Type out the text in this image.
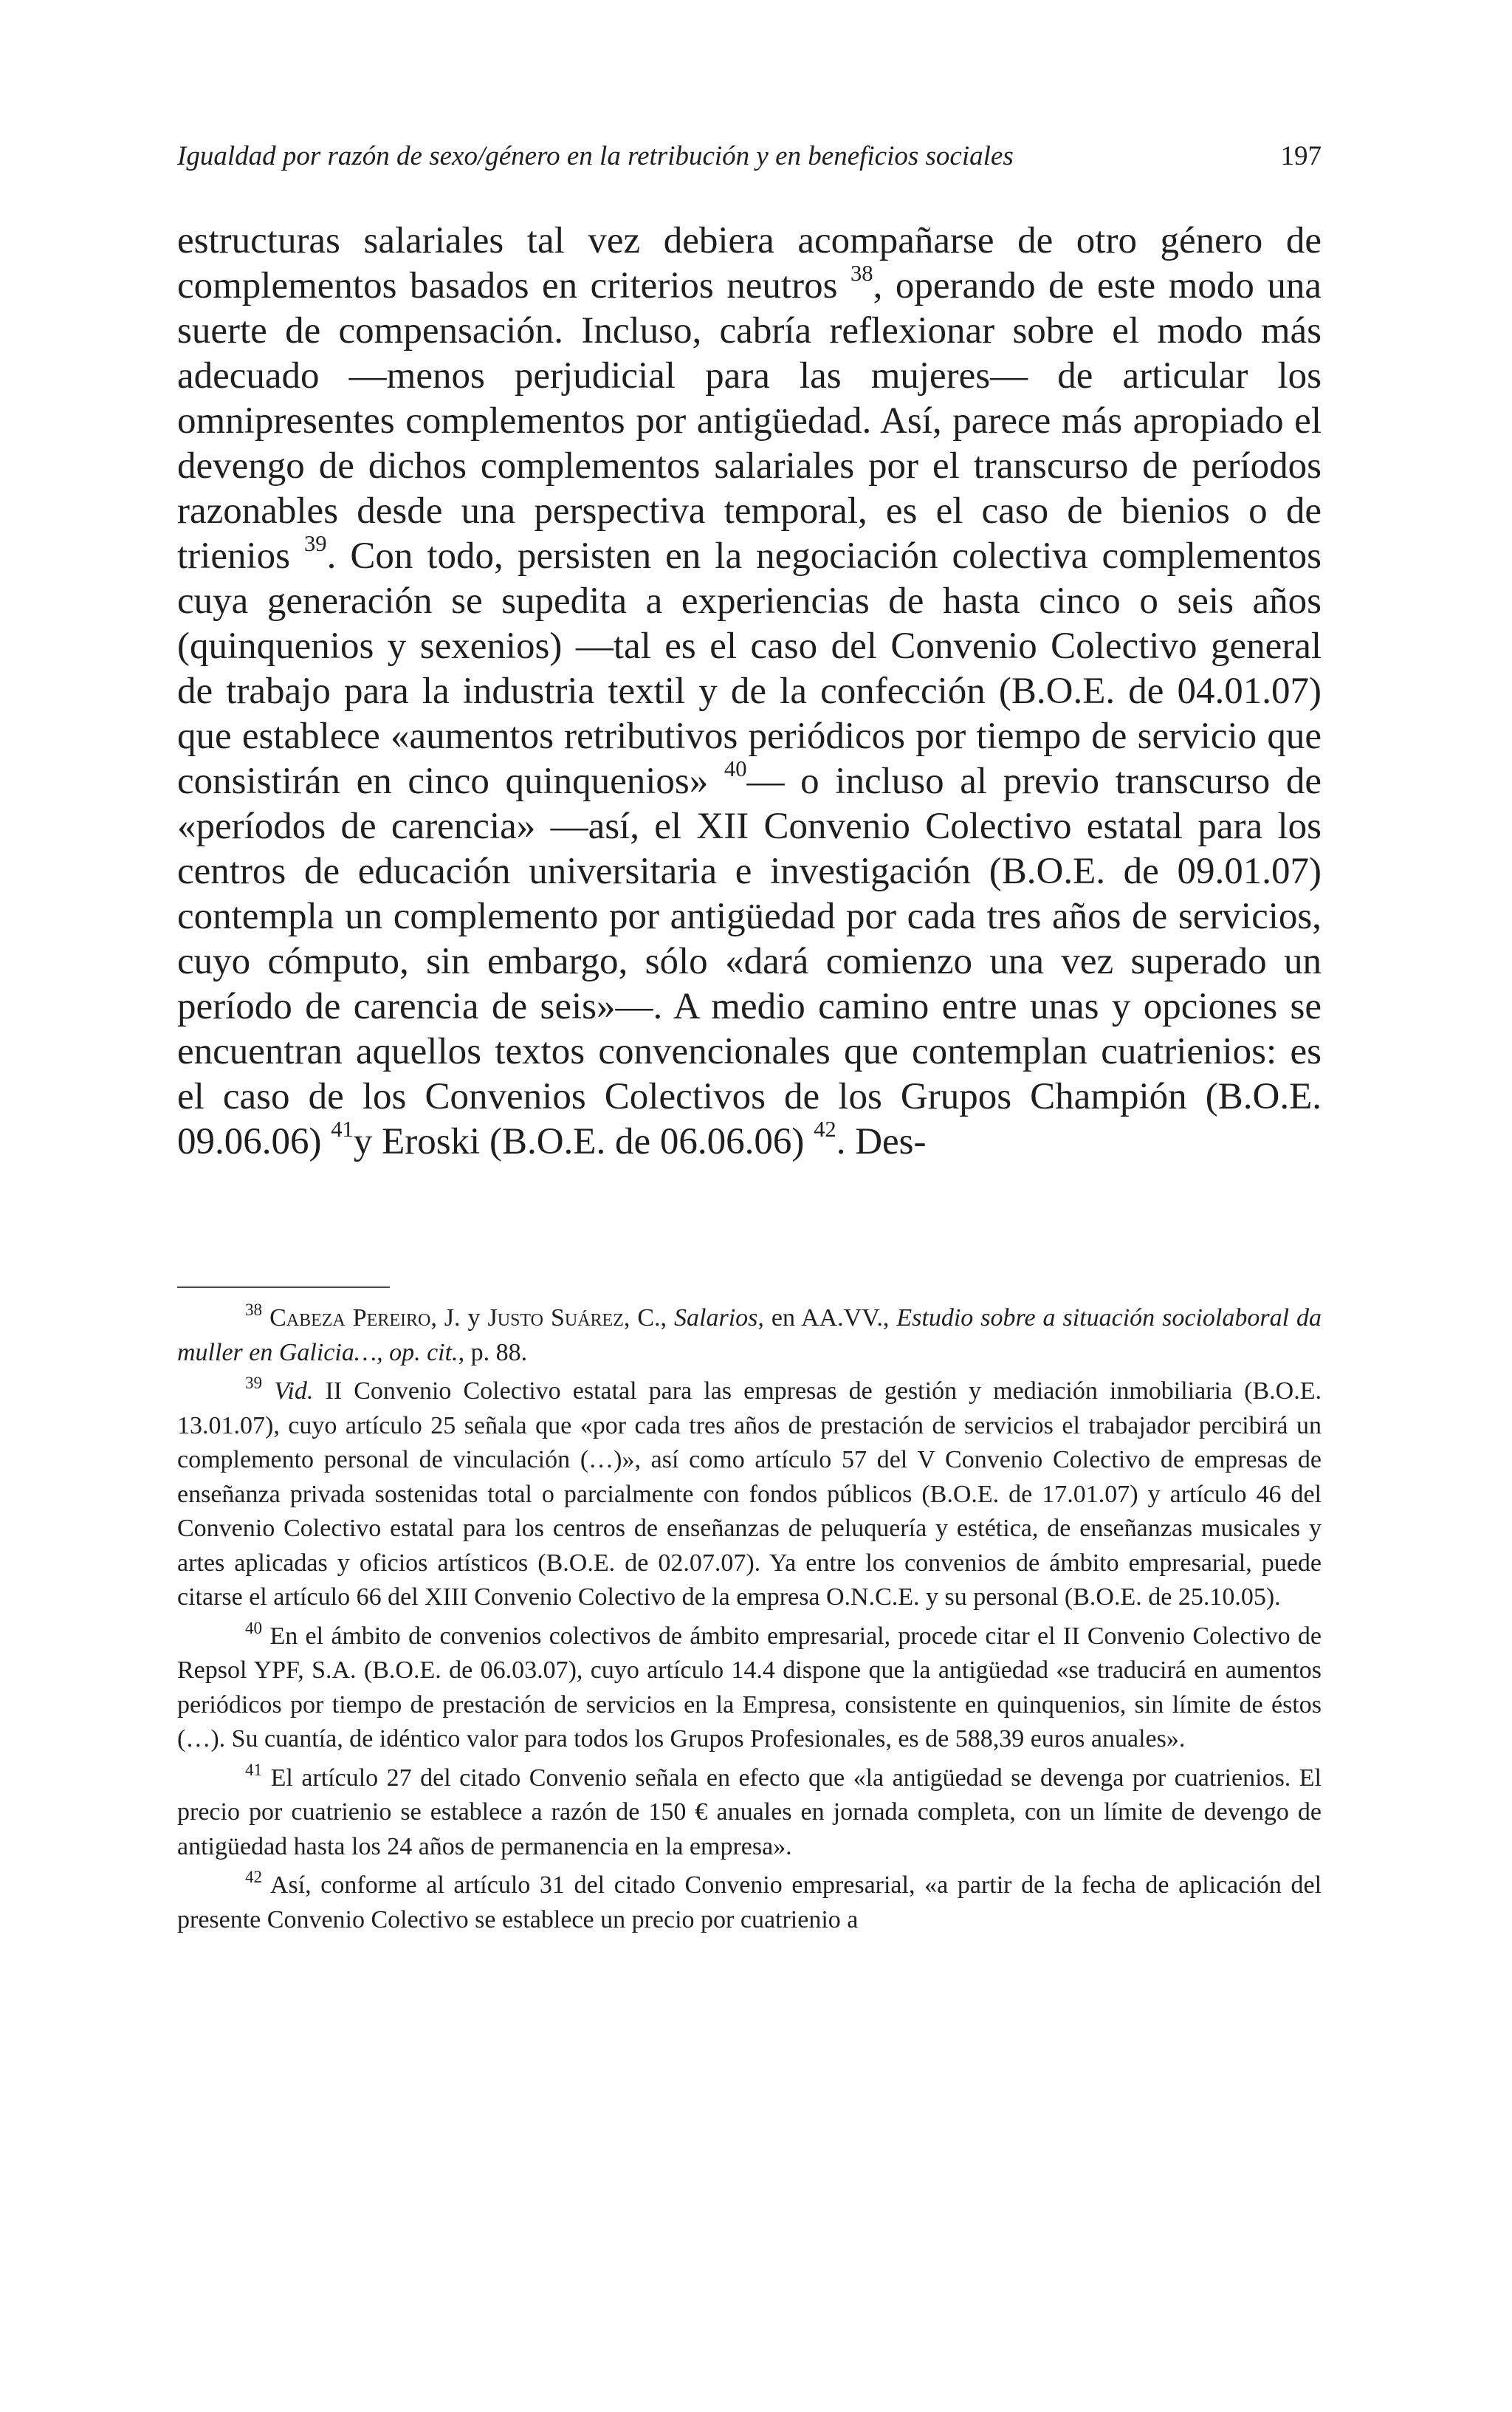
Igualdad por razón de sexo/género en la retribución y en beneficios sociales	197

estructuras salariales tal vez debiera acompañarse de otro género de complementos basados en criterios neutros $^{38}$, operando de este modo una suerte de compensación. Incluso, cabría reflexionar sobre el modo más adecuado —menos perjudicial para las mujeres— de articular los omnipresentes complementos por antigüedad. Así, parece más apropiado el devengo de dichos complementos salariales por el transcurso de períodos razonables desde una perspectiva temporal, es el caso de bienios o de trienios $^{39}$. Con todo, persisten en la negociación colectiva complementos cuya generación se supedita a experiencias de hasta cinco o seis años (quinquenios y sexenios) —tal es el caso del Convenio Colectivo general de trabajo para la industria textil y de la confección (B.O.E. de 04.01.07) que establece «aumentos retributivos periódicos por tiempo de servicio que consistirán en cinco quinquenios» $^{40}$— o incluso al previo transcurso de «períodos de carencia» —así, el XII Convenio Colectivo estatal para los centros de educación universitaria e investigación (B.O.E. de 09.01.07) contempla un complemento por antigüedad por cada tres años de servicios, cuyo cómputo, sin embargo, sólo «dará comienzo una vez superado un período de carencia de seis»—. A medio camino entre unas y opciones se encuentran aquellos textos convencionales que contemplan cuatrienios: es el caso de los Convenios Colectivos de los Grupos Champión (B.O.E. 09.06.06) $^{41}$y Eroski (B.O.E. de 06.06.06) $^{42}$. Des-

$^{38}$ Cabeza Pereiro, J. y Justo Suárez, C., Salarios, en AA.VV., Estudio sobre a situación sociolaboral da muller en Galicia…, op. cit., p. 88.

$^{39}$ Vid. II Convenio Colectivo estatal para las empresas de gestión y mediación inmobiliaria (B.O.E. 13.01.07), cuyo artículo 25 señala que «por cada tres años de prestación de servicios el trabajador percibirá un complemento personal de vinculación (…)», así como artículo 57 del V Convenio Colectivo de empresas de enseñanza privada sostenidas total o parcialmente con fondos públicos (B.O.E. de 17.01.07) y artículo 46 del Convenio Colectivo estatal para los centros de enseñanzas de peluquería y estética, de enseñanzas musicales y artes aplicadas y oficios artísticos (B.O.E. de 02.07.07). Ya entre los convenios de ámbito empresarial, puede citarse el artículo 66 del XIII Convenio Colectivo de la empresa O.N.C.E. y su personal (B.O.E. de 25.10.05).

$^{40}$ En el ámbito de convenios colectivos de ámbito empresarial, procede citar el II Convenio Colectivo de Repsol YPF, S.A. (B.O.E. de 06.03.07), cuyo artículo 14.4 dispone que la antigüedad «se traducirá en aumentos periódicos por tiempo de prestación de servicios en la Empresa, consistente en quinquenios, sin límite de éstos (…). Su cuantía, de idéntico valor para todos los Grupos Profesionales, es de 588,39 euros anuales».

$^{41}$ El artículo 27 del citado Convenio señala en efecto que «la antigüedad se devenga por cuatrienios. El precio por cuatrienio se establece a razón de 150 € anuales en jornada completa, con un límite de devengo de antigüedad hasta los 24 años de permanencia en la empresa».

$^{42}$ Así, conforme al artículo 31 del citado Convenio empresarial, «a partir de la fecha de aplicación del presente Convenio Colectivo se establece un precio por cuatrienio a
